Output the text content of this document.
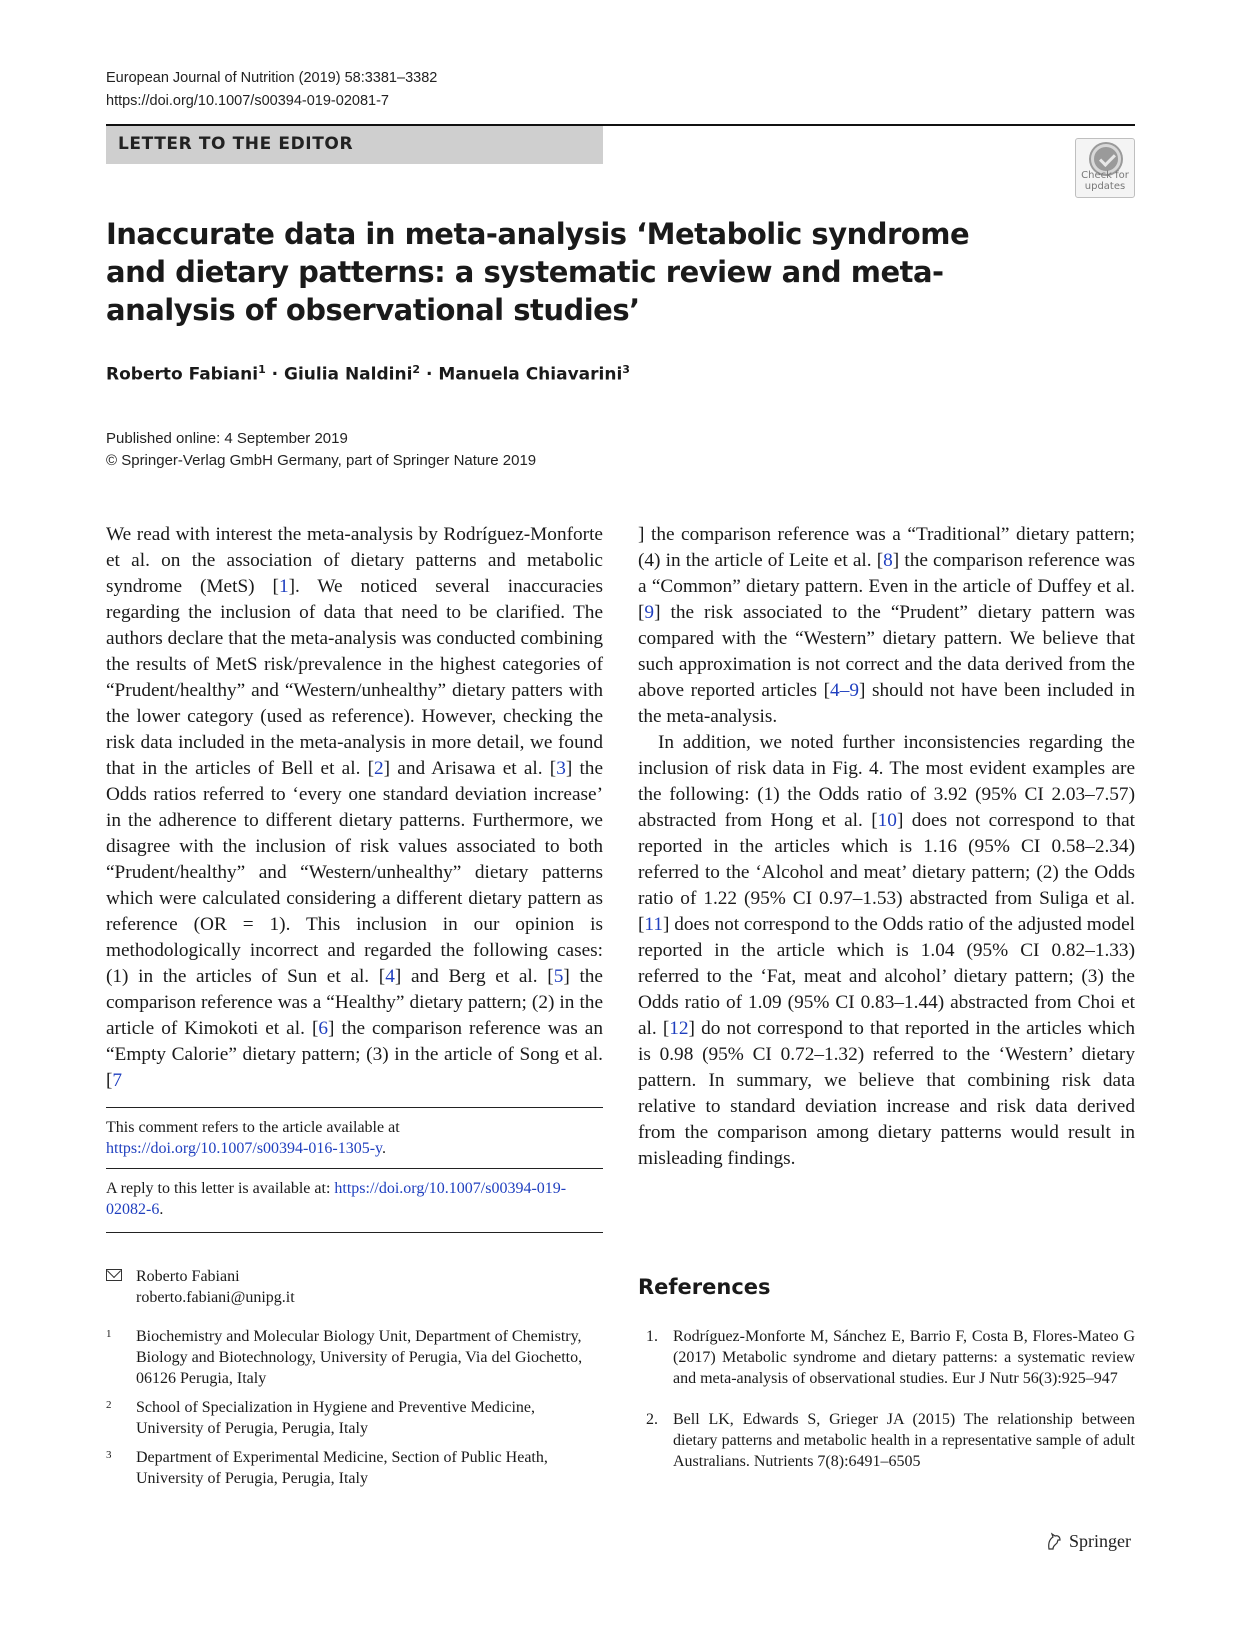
European Journal of Nutrition (2019) 58:3381–3382
https://doi.org/10.1007/s00394-019-02081-7
LETTER TO THE EDITOR
Check for
updates
Inaccurate data in meta-analysis ‘Metabolic syndrome and dietary patterns: a systematic review and meta-analysis of observational studies’
Roberto Fabiani$^1$ · Giulia Naldini$^2$ · Manuela Chiavarini$^3$
Published online: 4 September 2019
© Springer-Verlag GmbH Germany, part of Springer Nature 2019

We read with interest the meta-analysis by Rodríguez-Monforte et al. on the association of dietary patterns and metabolic syndrome (MetS) [1]. We noticed several inaccuracies regarding the inclusion of data that need to be clarified. The authors declare that the meta-analysis was conducted combining the results of MetS risk/prevalence in the highest categories of “Prudent/healthy” and “Western/unhealthy” dietary patters with the lower category (used as reference). However, checking the risk data included in the meta-analysis in more detail, we found that in the articles of Bell et al. [2] and Arisawa et al. [3] the Odds ratios referred to ‘every one standard deviation increase’ in the adherence to different dietary patterns. Furthermore, we disagree with the inclusion of risk values associated to both “Prudent/healthy” and “Western/unhealthy” dietary patterns which were calculated considering a different dietary pattern as reference (OR = 1). This inclusion in our opinion is methodologically incorrect and regarded the following cases: (1) in the articles of Sun et al. [4] and Berg et al. [5] the comparison reference was a “Healthy” dietary pattern; (2) in the article of Kimokoti et al. [6] the comparison reference was an “Empty Calorie” dietary pattern; (3) in the article of Song et al. [7

] the comparison reference was a “Traditional” dietary pattern; (4) in the article of Leite et al. [8] the comparison reference was a “Common” dietary pattern. Even in the article of Duffey et al. [9] the risk associated to the “Prudent” dietary pattern was compared with the “Western” dietary pattern. We believe that such approximation is not correct and the data derived from the above reported articles [4–9] should not have been included in the meta-analysis.

In addition, we noted further inconsistencies regarding the inclusion of risk data in Fig. 4. The most evident examples are the following: (1) the Odds ratio of 3.92 (95% CI 2.03–7.57) abstracted from Hong et al. [10] does not correspond to that reported in the articles which is 1.16 (95% CI 0.58–2.34) referred to the ‘Alcohol and meat’ dietary pattern; (2) the Odds ratio of 1.22 (95% CI 0.97–1.53) abstracted from Suliga et al. [11] does not correspond to the Odds ratio of the adjusted model reported in the article which is 1.04 (95% CI 0.82–1.33) referred to the ‘Fat, meat and alcohol’ dietary pattern; (3) the Odds ratio of 1.09 (95% CI 0.83–1.44) abstracted from Choi et al. [12] do not correspond to that reported in the articles which is 0.98 (95% CI 0.72–1.32) referred to the ‘Western’ dietary pattern. In summary, we believe that combining risk data relative to standard deviation increase and risk data derived from the comparison among dietary patterns would result in misleading findings.

This comment refers to the article available at https://doi.org/10.1007/s00394-016-1305-y.
A reply to this letter is available at: https://doi.org/10.1007/s00394-019-02082-6.
Roberto Fabiani
roberto.fabiani@unipg.it
1 Biochemistry and Molecular Biology Unit, Department of Chemistry, Biology and Biotechnology, University of Perugia, Via del Giochetto, 06126 Perugia, Italy
2 School of Specialization in Hygiene and Preventive Medicine, University of Perugia, Perugia, Italy
3 Department of Experimental Medicine, Section of Public Heath, University of Perugia, Perugia, Italy
References
1. Rodríguez-Monforte M, Sánchez E, Barrio F, Costa B, Flores-Mateo G (2017) Metabolic syndrome and dietary patterns: a systematic review and meta-analysis of observational studies. Eur J Nutr 56(3):925–947
2. Bell LK, Edwards S, Grieger JA (2015) The relationship between dietary patterns and metabolic health in a representative sample of adult Australians. Nutrients 7(8):6491–6505
Springer
